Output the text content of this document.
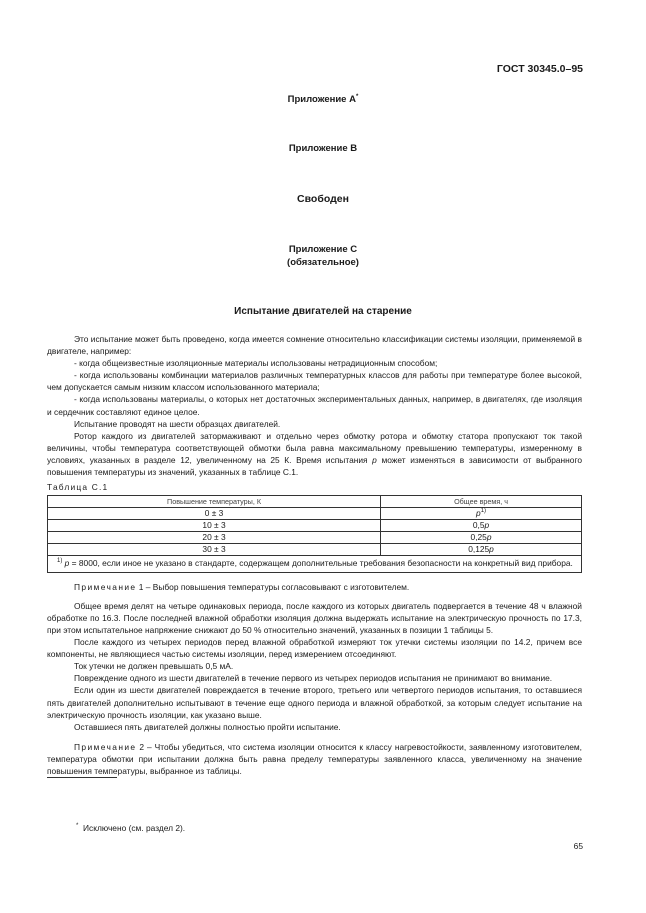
ГОСТ 30345.0–95
Приложение А*
Приложение В
Свободен
Приложение С
(обязательное)
Испытание двигателей на старение

Это испытание может быть проведено, когда имеется сомнение относительно классификации системы изоляции, применяемой в двигателе, например:

- когда общеизвестные изоляционные материалы использованы нетрадиционным способом;

- когда использованы комбинации материалов различных температурных классов для работы при температуре более высокой, чем допускается самым низким классом использованного материала;

- когда использованы материалы, о которых нет достаточных экспериментальных данных, например, в двигателях, где изоляция и сердечник составляют единое целое.

Испытание проводят на шести образцах двигателей.

Ротор каждого из двигателей затормаживают и отдельно через обмотку ротора и обмотку статора пропускают ток такой величины, чтобы температура соответствующей обмотки была равна максимальному превышению температуры, измеренному в условиях, указанных в разделе 12, увеличенному на 25 К. Время испытания p может изменяться в зависимости от выбранного повышения температуры из значений, указанных в таблице С.1.

Таблица С.1

Повышение температуры, К	Общее время, ч
0 ± 3	$p^{1)}$
10 ± 3	0,5p
20 ± 3	0,25p
30 ± 3	0,125p
$^{1)}$ p = 8000, если иное не указано в стандарте, содержащем дополнительные требования безопасности на конкретный вид прибора.	

Примечание 1 – Выбор повышения температуры согласовывают с изготовителем.

Общее время делят на четыре одинаковых периода, после каждого из которых двигатель подвергается в течение 48 ч влажной обработке по 16.3. После последней влажной обработки изоляция должна выдержать испытание на электрическую прочность по 17.3, при этом испытательное напряжение снижают до 50 % относительно значений, указанных в позиции 1 таблицы 5.

После каждого из четырех периодов перед влажной обработкой измеряют ток утечки системы изоляции по 14.2, причем все компоненты, не являющиеся частью системы изоляции, перед измерением отсоединяют.

Ток утечки не должен превышать 0,5 мА.

Повреждение одного из шести двигателей в течение первого из четырех периодов испытания не принимают во внимание.

Если один из шести двигателей повреждается в течение второго, третьего или четвертого периодов испытания, то оставшиеся пять двигателей дополнительно испытывают в течение еще одного периода и влажной обработкой, за которым следует испытание на электрическую прочность изоляции, как указано выше.

Оставшиеся пять двигателей должны полностью пройти испытание.

Примечание 2 – Чтобы убедиться, что система изоляции относится к классу нагревостойкости, заявленному изготовителем, температура обмотки при испытании должна быть равна пределу температуры заявленного класса, увеличенному на значение повышения температуры, выбранное из таблицы.

* Исключено (см. раздел 2).
65
